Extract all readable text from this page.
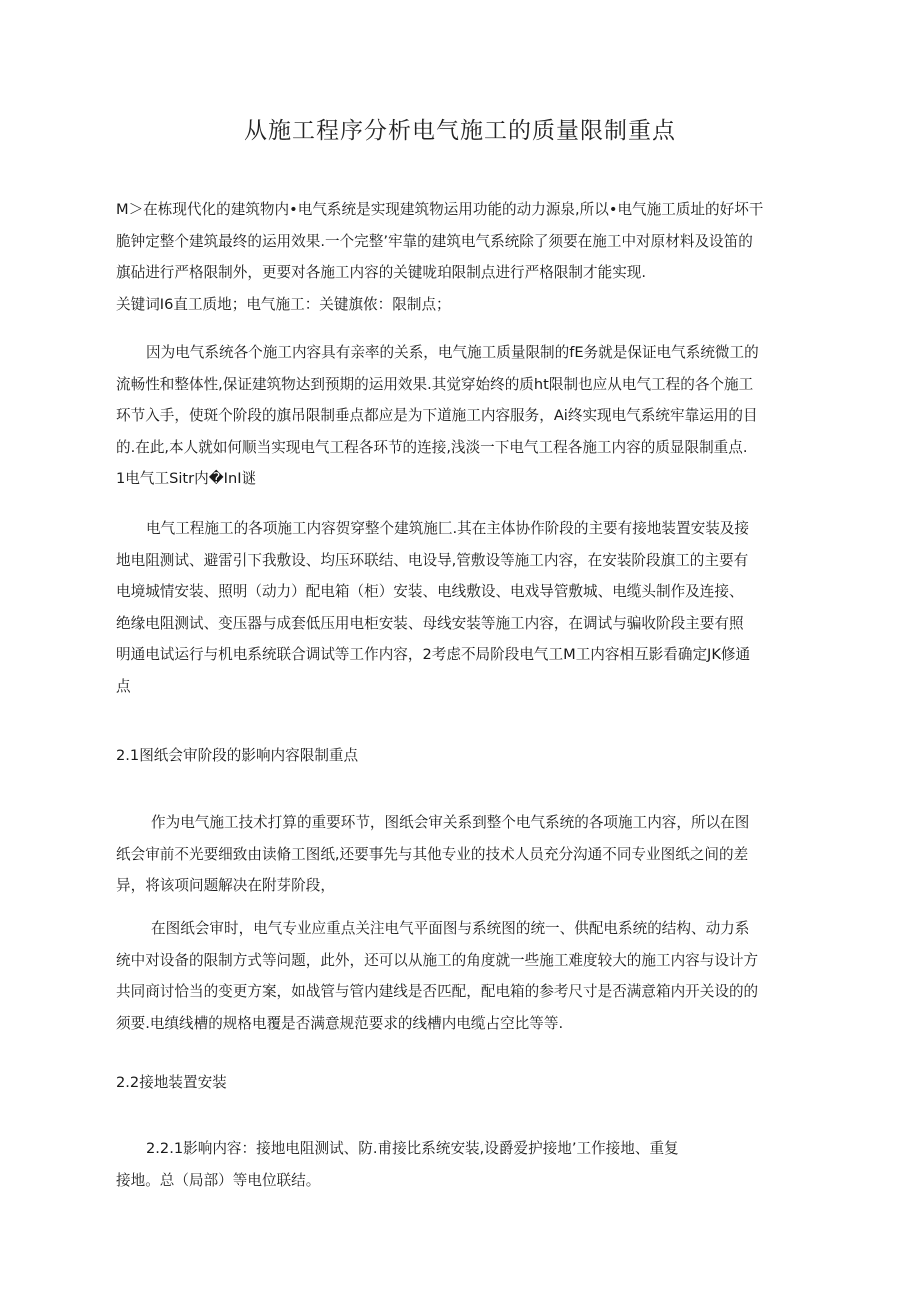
从施工程序分析电气施工的质量限制重点
M＞在栋现代化的建筑物内•电气系统是实现建筑物运用功能的动力源泉,所以•电气施工质址的好坏干
脆钟定整个建筑最终的运用效果.一个完整’牢靠的建筑电气系统除了须要在施工中对原材料及设笛的
旗砧进行严格限制外，更要对各施工内容的关键咙珀限制点进行严格限制才能实现.
关键词I6直工质地；电气施工：关键旗侬：限制点；
因为电气系统各个施工内容具有亲率的关系，电气施工质量限制的fE务就是保证电气系统微工的
流畅性和整体性,保证建筑物达到预期的运用效果.其觉穿始终的质ht限制也应从电气工程的各个施工
环节入手，使斑个阶段的旗吊限制垂点都应是为下道施工内容服务，Ai终实现电气系统牢靠运用的目
的.在此,本人就如何顺当实现电气工程各环节的连接,浅淡一下电气工程各施工内容的质显限制重点.
1电气工Sitr内�InI谜
电气工程施工的各项施工内容贺穿整个建筑施匚.其在主体协作阶段的主要有接地装置安装及接
地电阻测试、避雷引下我敷设、均压环联结、电设导,管敷设等施工内容，在安装阶段旗工的主要有
电境城情安装、照明（动力）配电箱（柜）安装、电线敷设、电戏导管敷城、电缆头制作及连接、
绝缘电阻测试、变压器与成套低压用电柜安装、母线安装等施工内容，在调试与骗收阶段主要有照
明通电试运行与机电系统联合调试等工作内容，2考虑不局阶段电气工M工内容相互影看确定JK修通
点
2.1图纸会审阶段的影响内容限制重点
作为电气施工技术打算的重要环节，图纸会审关系到整个电气系统的各项施工内容，所以在图
纸会审前不光要细致由读脩工图纸,还要事先与其他专业的技术人员充分沟通不同专业图纸之间的差
异，将该项问题解决在附芽阶段，
在图纸会审时，电气专业应重点关注电气平面图与系统图的统一、供配电系统的结构、动力系
统中对设备的限制方式等问题，此外，还可以从施工的角度就一些施工难度较大的施工内容与设计方
共同商讨恰当的变更方案，如战管与管内建线是否匹配，配电箱的参考尺寸是否满意箱内开关设的的
须要.电缜线槽的规格电覆是否满意规范要求的线槽内电缆占空比等等.
2.2接地装置安装
2.2.1影响内容：接地电阻测试、防.甫接比系统安装,设爵爱护接地’工作接地、重复
接地。总（局部）等电位联结。
